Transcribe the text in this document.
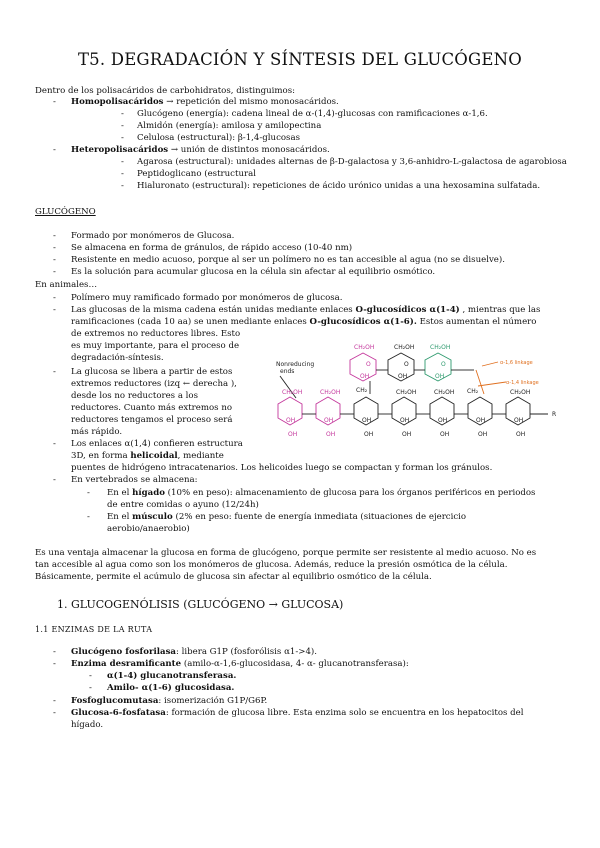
T5. DEGRADACIÓN Y SÍNTESIS DEL GLUCÓGENO
Dentro de los polisacáridos de carbohidratos, distinguimos:
- Homopolisacáridos → repetición del mismo monosacáridos.
- Glucógeno (energía): cadena lineal de α-(1,4)-glucosas con ramificaciones α-1,6.
- Almidón (energía): amilosa y amilopectina
- Celulosa (estructural): β-1,4-glucosas
- Heteropolisacáridos → unión de distintos monosacáridos.
- Agarosa (estructural): unidades alternas de β-D-galactosa y 3,6-anhidro-L-galactosa de agarobiosa
- Peptidoglicano (estructural
- Hialuronato (estructural): repeticiones de ácido urónico unidas a una hexosamina sulfatada.
GLUCÓGENO
- Formado por monómeros de Glucosa.
- Se almacena en forma de gránulos, de rápido acceso (10-40 nm)
- Resistente en medio acuoso, porque al ser un polímero no es tan accesible al agua (no se disuelve).
- Es la solución para acumular glucosa en la célula sin afectar al equilibrio osmótico.
En animales…
- Polímero muy ramificado formado por monómeros de glucosa.
- Las glucosas de la misma cadena están unidas mediante enlaces O-glucosídicos α(1-4) , mientras que las
ramificaciones (cada 10 aa) se unen mediante enlaces O-glucosídicos α(1-6). Estos aumentan el número
de extremos no reductores libres. Esto
es muy importante, para el proceso de
degradación-síntesis.
- La glucosa se libera a partir de estos
extremos reductores (izq ← derecha ),
desde los no reductores a los
reductores. Cuanto más extremos no
reductores tengamos el proceso será
más rápido.
- Los enlaces α(1,4) confieren estructura
3D, en forma helicoidal, mediante
puentes de hidrógeno intracatenarios. Los helicoides luego se compactan y forman los gránulos.
- En vertebrados se almacena:
- En el hígado (10% en peso): almacenamiento de glucosa para los órganos periféricos en periodos
de entre comidas o ayuno (12/24h)
- En el músculo (2% en peso: fuente de energía inmediata (situaciones de ejercicio
aerobio/anaerobio)
Es una ventaja almacenar la glucosa en forma de glucógeno, porque permite ser resistente al medio acuoso. No es
tan accesible al agua como son los monómeros de glucosa. Además, reduce la presión osmótica de la célula.
Básicamente, permite el acúmulo de glucosa sin afectar al equilibrio osmótico de la célula.
1. GLUCOGENÓLISIS (GLUCÓGENO → GLUCOSA)
1.1 ENZIMAS DE LA RUTA
- Glucógeno fosforilasa: libera G1P (fosforólisis α1->4).
- Enzima desramificante (amilo-α-1,6-glucosidasa, 4- α- glucanotransferasa):
- α(1-4) glucanotransferasa.
- Amilo- α(1-6) glucosidasa.
- Fosfoglucomutasa: isomerización G1P/G6P.
- Glucosa-6-fosfatasa: formación de glucosa libre. Esta enzima solo se encuentra en los hepatocitos del
hígado.
Nonreducing
ends
α-1,6 linkage
α-1,4 linkage
CH₂OH	CH₂OH	CH₂OH
CH₂
CH₂OH	CH₂OH	CH₂	CH₂OH	CH₂OH	CH₂OH
O	O	O
OH	OH	OH
OH	OH	OH	OH	OH	OH	OH
OH	OH	OH	OH	OH	OH	OH
R
